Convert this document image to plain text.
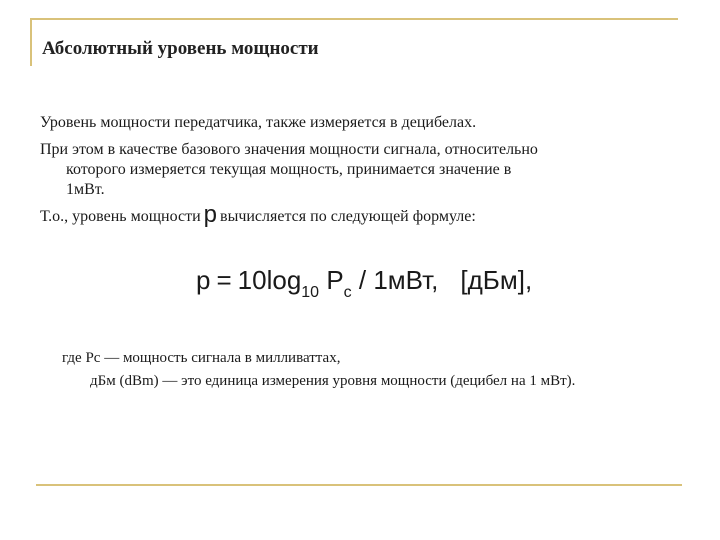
Абсолютный уровень мощности
Уровень мощности передатчика, также измеряется в децибелах.
При этом в качестве базового значения мощности сигнала, относительно
которого измеряется текущая мощность, принимается значение в
1мВт.
Т.о., уровень мощности p вычисляется по следующей формуле:
$p = 10\log_{10}$ $P_c / 1мВт$, [дБм],
где Pс — мощность сигнала в милливаттах,
дБм (dBm) — это единица измерения уровня мощности (децибел на 1 мВт).
